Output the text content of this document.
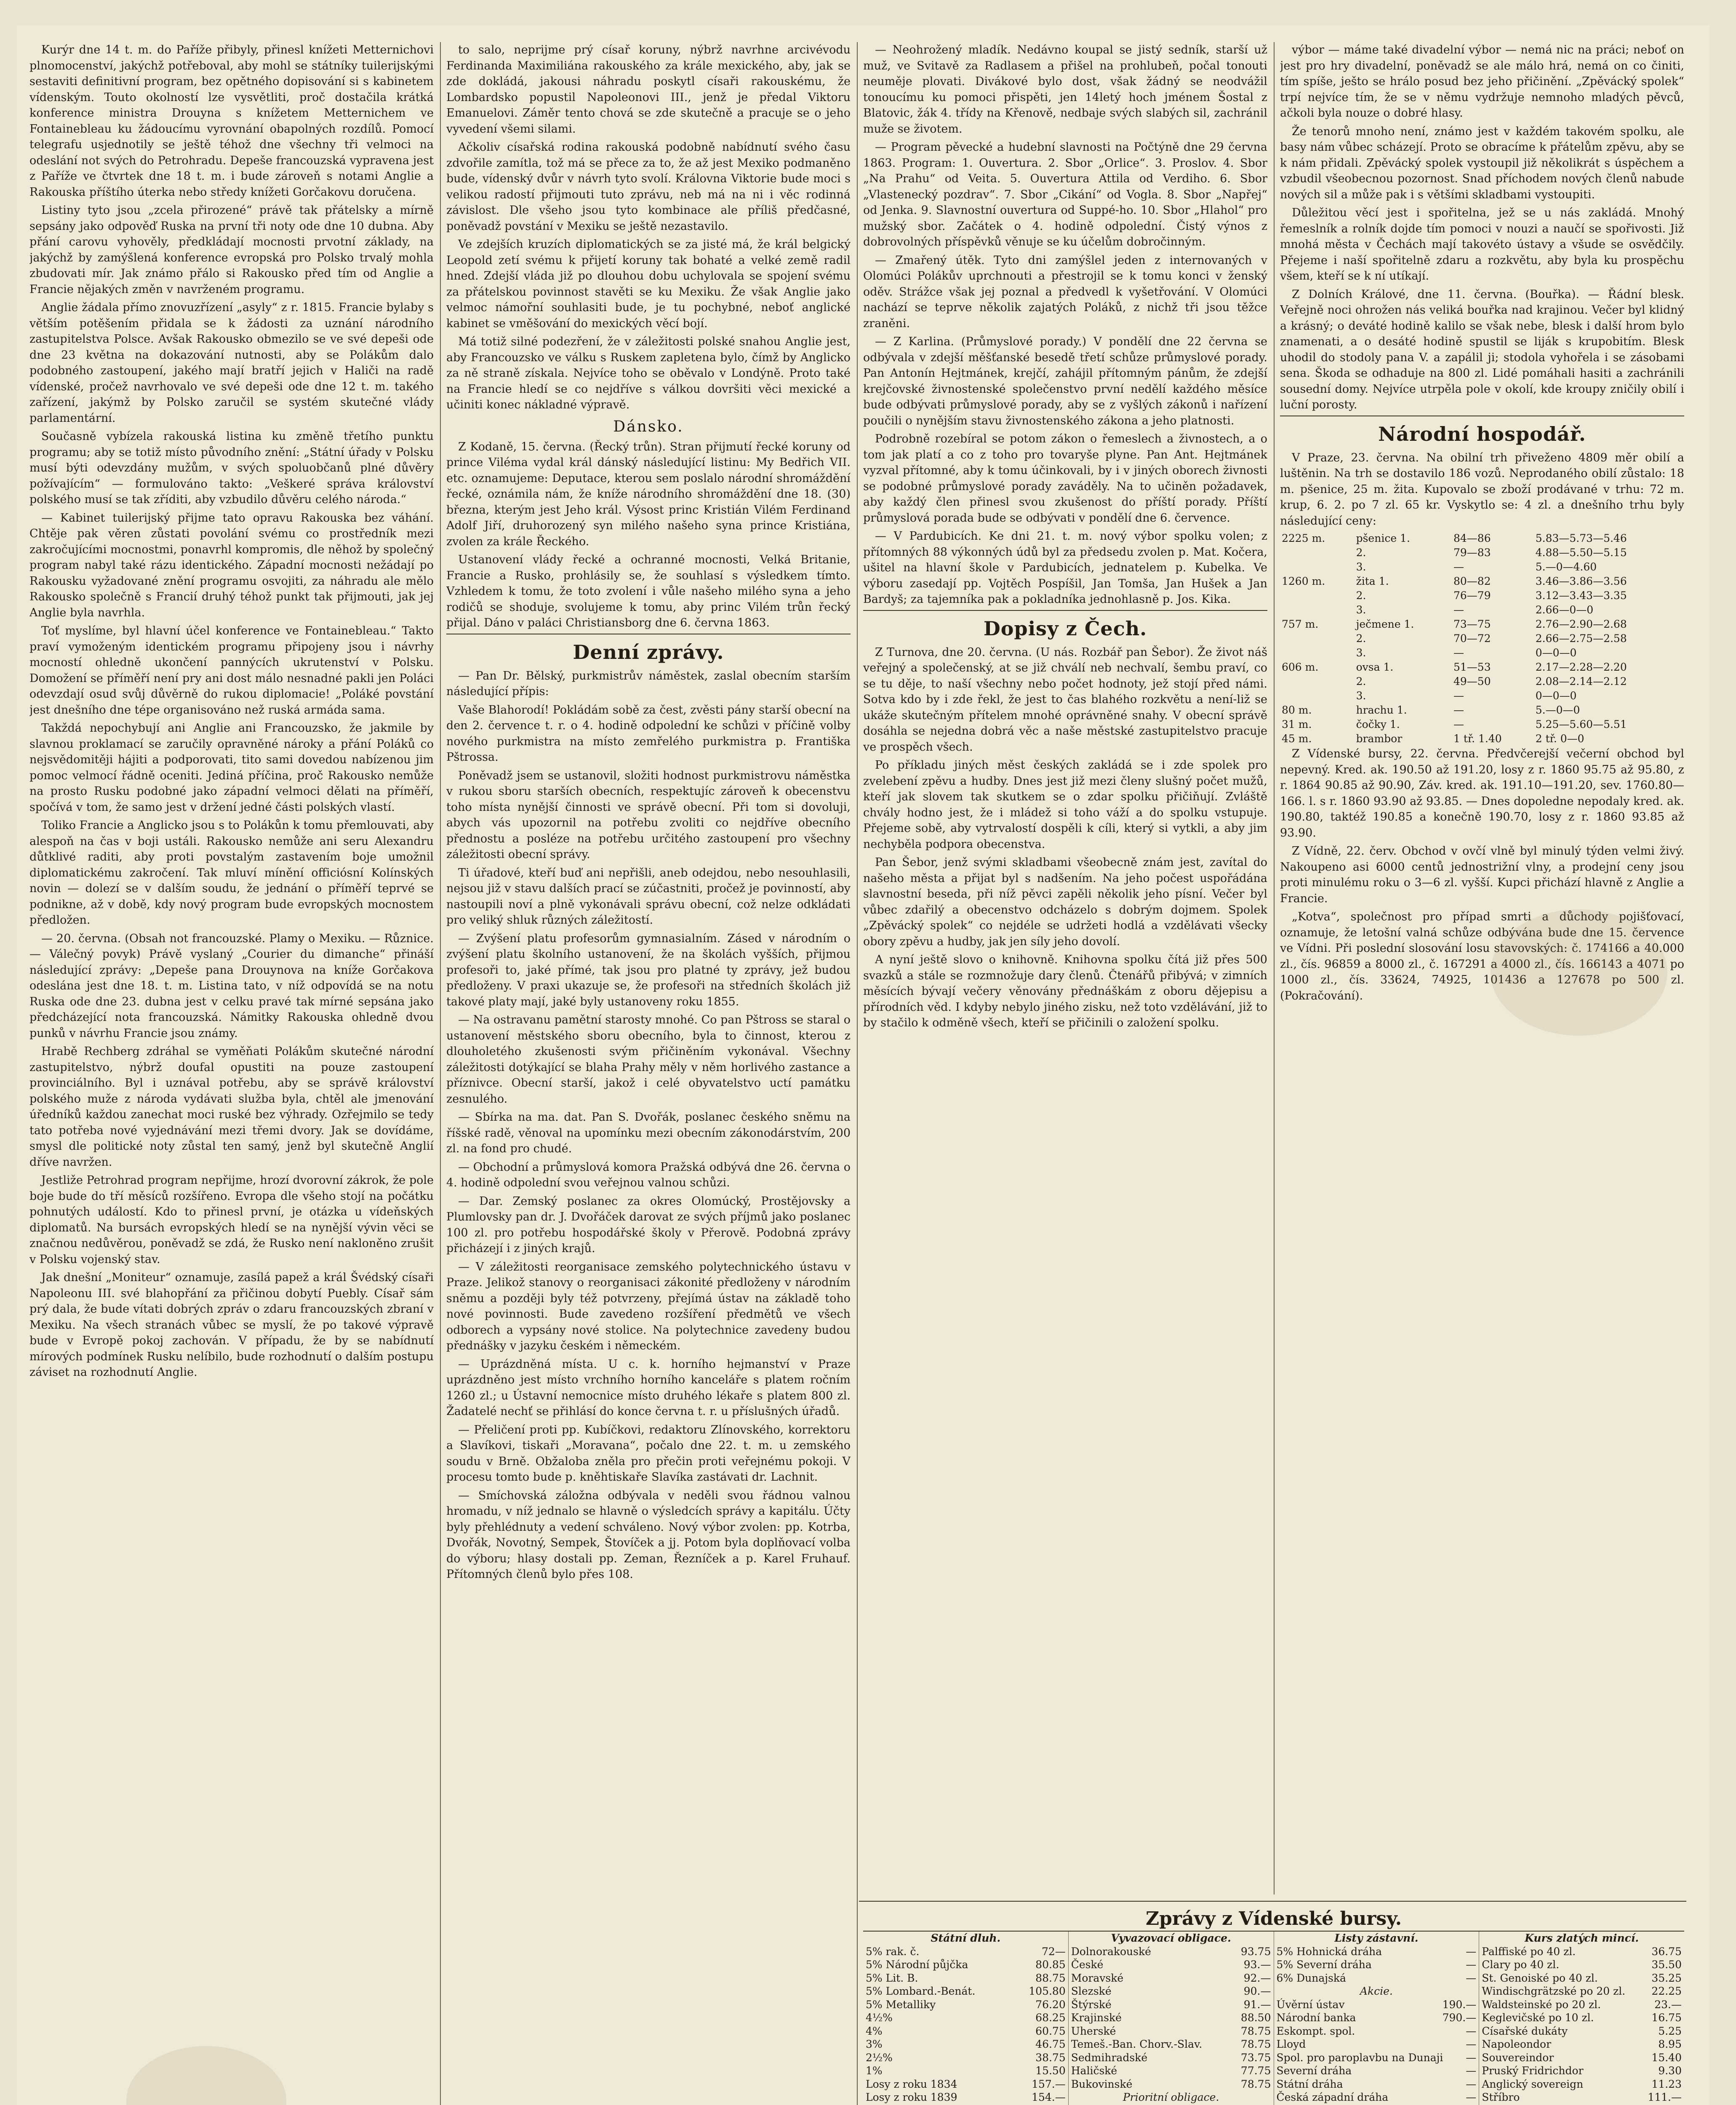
Kurýr dne 14 t. m. do Paříže přibyly, přinesl knížeti Metternichovi plnomocenství, jakýchž potřeboval, aby mohl se státníky tuilerijskými sestaviti definitivní program, bez opětného dopisování si s kabinetem vídenským. Touto okolností lze vysvětliti, proč dostačila krátká konference ministra Drouyna s knížetem Metternichem ve Fontainebleau ku žádoucímu vyrovnání obapolných rozdílů. Pomocí telegrafu usjednotily se ještě téhož dne všechny tři velmoci na odeslání not svých do Petrohradu. Depeše francouzská vypravena jest z Paříže ve čtvrtek dne 18 t. m. i bude zároveň s notami Anglie a Rakouska příštího úterka nebo středy knížeti Gorčakovu doručena.

Listiny tyto jsou „zcela přirozené“ právě tak přátelsky a mírně sepsány jako odpověď Ruska na první tři noty ode dne 10 dubna. Aby přání carovu vyhověly, předkládají mocnosti prvotní základy, na jakýchž by zamýšlená konference evropská pro Polsko trvalý mohla zbudovati mír. Jak známo přálo si Rakousko před tím od Anglie a Francie nějakých změn v navrženém programu.

Anglie žádala přímo znovuzřízení „asyly“ z r. 1815. Francie bylaby s větším potěšením přidala se k žádosti za uznání národního zastupitelstva Polsce. Avšak Rakousko obmezilo se ve své depeši ode dne 23 května na dokazování nutnosti, aby se Polákům dalo podobného zastoupení, jakého mají bratří jejich v Haliči na radě vídenské, pročež navrhovalo ve své depeši ode dne 12 t. m. takého zařízení, jakýmž by Polsko zaručil se systém skutečné vlády parlamentární.

Současně vybízela rakouská listina ku změně třetího punktu programu; aby se totiž místo původního znění: „Státní úřady v Polsku musí býti odevzdány mužům, v svých spoluobčanů plné důvěry požívajícím“ — formulováno takto: „Veškeré správa království polského musí se tak zříditi, aby vzbudilo důvěru celého národa.“

— Kabinet tuilerijský přijme tato opravu Rakouska bez váhání. Chtěje pak věren zůstati povolání svému co prostředník mezi zakročujícími mocnostmi, ponavrhl kompromis, dle něhož by společný program nabyl také rázu identického. Západní mocnosti nežádají po Rakousku vyžadované znění programu osvojiti, za náhradu ale mělo Rakousko společně s Francií druhý téhož punkt tak přijmouti, jak jej Anglie byla navrhla.

Toť myslíme, byl hlavní účel konference ve Fontainebleau.“ Takto praví vymoženým identickém programu připojeny jsou i návrhy mocností ohledně ukončení pannýcích ukrutenství v Polsku. Domožení se příměří není pry ani dost málo nesnadné pakli jen Poláci odevzdají osud svůj důvěrně do rukou diplomacie! „Poláké povstání jest dnešního dne tépe organisováno než ruská armáda sama.

Takždá nepochybují ani Anglie ani Francouzsko, že jakmile by slavnou proklamací se zaručily opravněné nároky a přání Poláků co nejsvědomitěji hájiti a podporovati, tito sami dovedou nabízenou jim pomoc velmocí řádně oceniti. Jediná příčina, proč Rakousko nemůže na prosto Rusku podobné jako západní velmoci dělati na příměří, spočívá v tom, že samo jest v držení jedné části polských vlastí.

Toliko Francie a Anglicko jsou s to Polákůn k tomu přemlouvati, aby alespoň na čas v boji ustáli. Rakousko nemůže ani seru Alexandru důtklivé raditi, aby proti povstalým zastavením boje umožnil diplomatickému zakročení. Tak mluví mínění officiósní Kolínských novin — dolezí se v dalším soudu, že jednání o příměří teprvé se podnikne, až v době, kdy nový program bude evropských mocnostem předložen.

— 20. června. (Obsah not francouzské. Plamy o Mexiku. — Různice. — Válečný povyk) Právě vyslaný „Courier du dimanche“ přináší následující zprávy: „Depeše pana Drouynova na kníže Gorčakova odeslána jest dne 18. t. m. Listina tato, v níž odpovídá se na notu Ruska ode dne 23. dubna jest v celku pravé tak mírné sepsána jako předcházející nota francouzská. Námitky Rakouska ohledně dvou punků v návrhu Francie jsou známy.

Hrabě Rechberg zdráhal se vyměňati Polákům skutečné národní zastupitelstvo, nýbrž doufal opustiti na pouze zastoupení provinciálního. Byl i uznával potřebu, aby se správě království polského muže z národa vydávati služba byla, chtěl ale jmenování úředníků každou zanechat moci ruské bez výhrady. Ozřejmilo se tedy tato potřeba nové vyjednávání mezi třemi dvory. Jak se dovídáme, smysl dle politické noty zůstal ten samý, jenž byl skutečně Anglií dříve navržen.

Jestliže Petrohrad program nepřijme, hrozí dvorovní zákrok, že pole boje bude do tří měsíců rozšířeno. Evropa dle všeho stojí na počátku pohnutých událostí. Kdo to přinesl první, je otázka u vídeňských diplomatů. Na bursách evropských hledí se na nynější vývin věci se značnou nedůvěrou, poněvadž se zdá, že Rusko není nakloněno zrušit v Polsku vojenský stav.

Jak dnešní „Moniteur“ oznamuje, zasílá papež a král Švédský císaři Napoleonu III. své blahopřání za přičinou dobytí Puebly. Císař sám prý dala, že bude vítati dobrých zpráv o zdaru francouzských zbraní v Mexiku. Na všech stranách vůbec se myslí, že po takové výpravě bude v Evropě pokoj zachován. V případu, že by se nabídnutí mírových podmínek Rusku nelíbilo, bude rozhodnutí o dalším postupu záviset na rozhodnutí Anglie.

to salo, neprijme prý císař koruny, nýbrž navrhne arcivévodu Ferdinanda Maximiliána rakouského za krále mexického, aby, jak se zde dokládá, jakousi náhradu poskytl císaři rakouskému, že Lombardsko popustil Napoleonovi III., jenž je předal Viktoru Emanuelovi. Záměr tento chová se zde skutečně a pracuje se o jeho vyvedení všemi silami.

Ačkoliv císařská rodina rakouská podobně nabídnutí svého času zdvořile zamítla, tož má se přece za to, že až jest Mexiko podmaněno bude, vídenský dvůr v návrh tyto svolí. Královna Viktorie bude moci s velikou radostí přijmouti tuto zprávu, neb má na ni i věc rodinná závislost. Dle všeho jsou tyto kombinace ale příliš předčasné, poněvadž povstání v Mexiku se ještě nezastavilo.

Ve zdejších kruzích diplomatických se za jisté má, že král belgický Leopold zetí svému k přijetí koruny tak bohaté a velké země radil hned. Zdejší vláda již po dlouhou dobu uchylovala se spojení svému za přátelskou povinnost stavěti se ku Mexiku. Že však Anglie jako velmoc námořní souhlasiti bude, je tu pochybné, neboť anglické kabinet se vměšování do mexických věcí bojí.

Má totiž silné podezření, že v záležitosti polské snahou Anglie jest, aby Francouzsko ve válku s Ruskem zapletena bylo, čímž by Anglickо za ně straně získala. Nejvíce toho se oběvalo v Londýně. Proto také na Francie hledí se co nejdříve s válkou dovršiti věci mexické a učiniti konec nákladné výpravě.

Dánsko.

Z Kodaně, 15. června. (Řecký trůn). Stran přijmutí řecké koruny od prince Viléma vydal král dánský následující listinu: My Bedřich VII. etc. oznamujeme: Deputace, kterou sem poslalo národní shromáždění řecké, oznámila nám, že kníže národního shromáždění dne 18. (30) března, kterým jest Jeho král. Výsost princ Kristián Vilém Ferdinand Adolf Jiří, druhorozený syn milého našeho syna prince Kristiána, zvolen za krále Řeckého.

Ustanovení vlády řecké a ochranné mocnosti, Velká Britanie, Francie a Rusko, prohlásily se, že souhlasí s výsledkem tímto. Vzhledem k tomu, že toto zvolení i vůle našeho milého syna a jeho rodičů se shoduje, svolujeme k tomu, aby princ Vilém trůn řecký přijal. Dáno v paláci Christiansborg dne 6. června 1863.

Denní zprávy.

— Pan Dr. Bělský, purkmistrův náměstek, zaslal obecním starším následující přípis:

Vaše Blahorodí! Pokládám sobě za čest, zvěsti pány starší obecní na den 2. července t. r. o 4. hodině odpolední ke schůzi v příčině volby nového purkmistra na místo zemřelého purkmistra p. Františka Pštrossa.

Poněvadž jsem se ustanovil, složiti hodnost purkmistrovu náměstka v rukou sboru starších obecních, respektujíc zároveň k obecenstvu toho místa nynější činnosti ve správě obecní. Při tom si dovoluji, abych vás upozornil na potřebu zvoliti co nejdříve obecního přednostu a posléze na potřebu určitého zastoupení pro všechny záležitosti obecní správy.

Ti úřadové, kteří buď ani nepřišli, aneb odejdou, nebo nesouhlasili, nejsou již v stavu dalších prací se zúčastniti, pročež je povinností, aby nastoupili noví a plně vykonávali správu obecní, což nelze odkládati pro veliký shluk různých záležitostí.

— Zvýšení platu profesorům gymnasialním. Zásed v národním o zvýšení platu školního ustanovení, že na školách vyšších, přijmou profesoři to, jaké přímé, tak jsou pro platné ty zprávy, jež budou předloženy. V praxi ukazuje se, že profesoři na středních školách již takové platy mají, jaké byly ustanoveny roku 1855.

— Na ostravanu pamětní starosty mnohé. Co pan Pštross se staral o ustanovení městského sboru obecního, byla to činnost, kterou z dlouholetého zkušenosti svým přičiněním vykonával. Všechny záležitosti dotýkající se blaha Prahy měly v něm horlivého zastance a příznivce. Obecní starší, jakož i celé obyvatelstvo uctí památku zesnulého.

— Sbírka na ma. dat. Pan S. Dvořák, poslanec českého sněmu na říšské radě, věnoval na upomínku mezi obecním zákonodárstvím, 200 zl. na fond pro chudé.

— Obchodní a průmyslová komora Pražská odbývá dne 26. června o 4. hodině odpolední svou veřejnou valnou schůzi.

— Dar. Zemský poslanec za okres Olomúcký, Prostějovsky a Plumlovsky pan dr. J. Dvořáček darovat ze svých příjmů jako poslanec 100 zl. pro potřebu hospodářské školy v Přerově. Podobná zprávy přicházejí i z jiných krajů.

— V záležitosti reorganisace zemského polytechnického ústavu v Praze. Jelikož stanovy o reorganisaci zákonité předloženy v národním sněmu a později byly též potvrzeny, přejímá ústav na základě toho nové povinnosti. Bude zavedeno rozšíření předmětů ve všech odborech a vypsány nové stolice. Na polytechnice zavedeny budou přednášky v jazyku českém i německém.

— Uprázdněná místa. U c. k. horního hejmanství v Praze uprázdněno jest místo vrchního horního kanceláře s platem ročním 1260 zl.; u Ústavní nemocnice místo druhého lékaře s platem 800 zl. Žadatelé nechť se přihlásí do konce června t. r. u příslušných úřadů.

— Přeličení proti pp. Kubíčkovi, redaktoru Zlínovského, korrektoru a Slavíkovi, tiskaři „Moravana“, počalo dne 22. t. m. u zemského soudu v Brně. Obžaloba zněla pro přečin proti veřejnému pokoji. V procesu tomto bude p. kněhtiskaře Slavíka zastávati dr. Lachnit.

— Smíchovská záložna odbývala v neděli svou řádnou valnou hromadu, v níž jednalo se hlavně o výsledcích správy a kapitálu. Účty byly přehlédnuty a vedení schváleno. Nový výbor zvolen: pp. Kotrba, Dvořák, Novotný, Sempek, Štovíček a jj. Potom byla doplňovací volba do výboru; hlasy dostali pp. Zeman, Řezníček a p. Karel Fruhauf. Přítomných členů bylo přes 108.

— Neohrožený mladík. Nedávno koupal se jistý sedník, starší už muž, ve Svitavě za Radlasem a přišel na prohlubeň, počal tonouti neuměje plovati. Divákové bylo dost, však žádný se neodvážil tonoucímu ku pomoci přispěti, jen 14letý hoch jménem Šostal z Blatovic, žák 4. třídy na Křenově, nedbaje svých slabých sil, zachránil muže se životem.

— Program pěvecké a hudební slavnosti na Počtýně dne 29 června 1863. Program: 1. Ouvertura. 2. Sbor „Orlice“. 3. Proslov. 4. Sbor „Na Prahu“ od Veita. 5. Ouvertura Attila od Verdiho. 6. Sbor „Vlastenecký pozdrav“. 7. Sbor „Cikání“ od Vogla. 8. Sbor „Napřej“ od Jenka. 9. Slavnostní ouvertura od Suppé-ho. 10. Sbor „Hlahol“ pro mužský sbor. Začátek o 4. hodině odpolední. Čistý výnos z dobrovolných příspěvků věnuje se ku účelům dobročinným.

— Zmařený útěk. Tyto dni zamýšlel jeden z internovaných v Olomúci Polákův uprchnouti a přestrojil se k tomu konci v ženský oděv. Strážce však jej poznal a předvedl k vyšetřování. V Olomúci nachází se teprve několik zajatých Poláků, z nichž tři jsou těžce zraněni.

— Z Karlina. (Průmyslové porady.) V pondělí dne 22 června se odbývala v zdejší měšťanské besedě třetí schůze průmyslové porady. Pan Antonín Hejtmánek, krejčí, zahájil přítomným pánům, že zdejší krejčovské živnostenské společenstvo první nedělí každého měsíce bude odbývati průmyslové porady, aby se z vyšlých zákonů i nařízení poučili o nynějším stavu živnostenského zákona a jeho platnosti.

Podrobně rozebíral se potom zákon o řemeslech a živnostech, a o tom jak platí a co z toho pro tovaryše plyne. Pan Ant. Hejtmánek vyzval přítomné, aby k tomu účinkovali, by i v jiných oborech živnosti se podobné průmyslové porady zaváděly. Na to učiněn požadavek, aby každý člen přinesl svou zkušenost do příští porady. Příští průmyslová porada bude se odbývati v pondělí dne 6. července.

— V Pardubicích. Ke dni 21. t. m. nový výbor spolku volen; z přítomných 88 výkonných údů byl za předsedu zvolen p. Mat. Kočera, ušitel na hlavní škole v Pardubicích, jednatelem p. Kubelka. Ve výboru zasedají pp. Vojtěch Pospíšil, Jan Tomša, Jan Hušek a Jan Bardyš; za tajemníka pak a pokladníka jednohlasně p. Jos. Kika.

Dopisy z Čech.

Z Turnova, dne 20. června. (U nás. Rozbář pan Šebor). Že život náš veřejný a společenský, at se již chválí neb nechvalí, šembu praví, co se tu děje, to naší všechny nebo počet hodnoty, jež stojí před námi. Sotva kdo by i zde řekl, že jest to čas blahého rozkvětu a není-liž se ukáže skutečným přítelem mnohé oprávněné snahy. V obecní správě dosáhla se nejedna dobrá věc a naše městské zastupitelstvo pracuje ve prospěch všech.

Po příkladu jiných měst českých zakládá se i zde spolek pro zvelebení zpěvu a hudby. Dnes jest již mezi členy slušný počet mužů, kteří jak slovem tak skutkem se o zdar spolku přičiňují. Zvláště chvály hodno jest, že i mládež si toho váží a do spolku vstupuje. Přejeme sobě, aby vytrvalostí dospěli k cíli, který si vytkli, a aby jim nechyběla podpora obecenstva.

Pan Šebor, jenž svými skladbami všeobecně znám jest, zavítal do našeho města a přijat byl s nadšením. Na jeho počest uspořádána slavnostní beseda, při níž pěvci zapěli několik jeho písní. Večer byl vůbec zdařilý a obecenstvo odcházelo s dobrým dojmem. Spolek „Zpěvácký spolek“ co nejdéle se udržeti hodlá a vzdělávati všecky obory zpěvu a hudby, jak jen síly jeho dovolí.

A nyní ještě slovo o knihovně. Knihovna spolku čítá již přes 500 svazků a stále se rozmnožuje dary členů. Čtenářů přibývá; v zimních měsících bývají večery věnovány přednáškám z oboru dějepisu a přírodních věd. I kdyby nebylo jiného zisku, než toto vzdělávání, již to by stačilo k odměně všech, kteří se přičinili o založení spolku.

výbor — máme také divadelní výbor — nemá nic na práci; neboť on jest pro hry divadelní, poněvadž se ale málo hrá, nemá on co činiti, tím spíše, ješto se hrálo posud bez jeho přičinění. „Zpěvácký spolek“ trpí nejvíce tím, že se v němu vydržuje nemnoho mladých pěvců, ačkoli byla nouze o dobré hlasy.

Že tenorů mnoho není, známo jest v každém takovém spolku, ale basy nám vůbec scházejí. Proto se obracíme k přátelům zpěvu, aby se k nám přidali. Zpěvácký spolek vystoupil již několikrát s úspěchem a vzbudil všeobecnou pozornost. Snad příchodem nových členů nabude nových sil a může pak i s většími skladbami vystoupiti.

Důležitou věcí jest i spořitelna, jež se u nás zakládá. Mnohý řemeslník a rolník dojde tím pomoci v nouzi a naučí se spořivosti. Již mnohá města v Čechách mají takovéto ústavy a všude se osvědčily. Přejeme i naší spořitelně zdaru a rozkvětu, aby byla ku prospěchu všem, kteří se k ní utíkají.

Z Dolních Králové, dne 11. června. (Bouřka). — Řádní blesk. Veřejně noci ohrožen nás veliká bouřka nad krajinou. Večer byl klidný a krásný; o deváté hodině kalilo se však nebe, blesk i další hrom bylo znamenati, a o desáté hodině spustil se liják s krupobitím. Blesk uhodil do stodoly pana V. a zapálil ji; stodola vyhořela i se zásobami sena. Škoda se odhaduje na 800 zl. Lidé pomáhali hasiti a zachránili sousední domy. Nejvíce utrpěla pole v okolí, kde kroupy zničily obilí i luční porosty.

Národní hospodář.

V Praze, 23. června. Na obilní trh přiveženo 4809 měr obilí a luštěnin. Na trh se dostavilo 186 vozů. Neprodaného obilí zůstalo: 18 m. pšenice, 25 m. žita. Kupovalo se zboží prodávané v trhu: 72 m. krup, 6. 2. po 7 zl. 65 kr. Vyskytlo se: 4 zl. a dnešního trhu byly následující ceny:

2225 m.	pšenice 1.	84—86	5.83—5.73—5.46
	2.	79—83	4.88—5.50—5.15
	3.	—	5.—0—4.60
1260 m.	žita 1.	80—82	3.46—3.86—3.56
	2.	76—79	3.12—3.43—3.35
	3.	—	2.66—0—0
757 m.	ječmene 1.	73—75	2.76—2.90—2.68
	2.	70—72	2.66—2.75—2.58
	3.	—	0—0—0
606 m.	ovsa 1.	51—53	2.17—2.28—2.20
	2.	49—50	2.08—2.14—2.12
	3.	—	0—0—0
80 m.	hrachu 1.	—	5.—0—0
31 m.	čočky 1.	—	5.25—5.60—5.51
45 m.	brambor	1 tř. 1.40	2 tř. 0—0

Z Vídenské bursy, 22. června. Předvčerejší večerní obchod byl nepevný. Kred. ak. 190.50 až 191.20, losy z r. 1860 95.75 až 95.80, z r. 1864 90.85 až 90.90, Záv. kred. ak. 191.10—191.20, sev. 1760.80—166. l. s r. 1860 93.90 až 93.85. — Dnes dopoledne nepodaly kred. ak. 190.80, taktéž 190.85 a konečně 190.70, losy z r. 1860 93.85 až 93.90.

Z Vídně, 22. červ. Obchod v ovčí vlně byl minulý týden velmi živý. Nakoupeno asi 6000 centů jednostrižní vlny, a prodejní ceny jsou proti minulému roku o 3—6 zl. vyšší. Kupci přichází hlavně z Anglie a Francie.

„Kotva“, společnost pro případ smrti a důchody pojišťovací, oznamuje, že letošní valná schůze odbývána bude dne 15. července ve Vídni. Při poslední slosování losu stavovských: č. 174166 a 40.000 zl., čís. 96859 a 8000 zl., č. 167291 a 4000 zl., čís. 166143 a 4071 po 1000 zl., čís. 33624, 74925, 101436 a 127678 po 500 zl. (Pokračování).

Zprávy z Vídenské bursy.
Státní dluh.
5% rak. č.	72—
5% Národní půjčka	80.85
5% Lit. B.	88.75
5% Lombard.-Benát.	105.80
5% Metalliky	76.20
4½%	68.25
4%	60.75
3%	46.75
2½%	38.75
1%	15.50
Losy z roku 1834	157.—
Losy z roku 1839	154.—
Vyvazovací obligace.
Dolnorakouské	93.75
České	93.—
Moravské	92.—
Slezské	90.—
Štýrské	91.—
Krajinské	88.50
Uherské	78.75
Temeš.-Ban. Chorv.-Slav.	78.75
Sedmihradské	73.75
Haličské	77.75
Bukovinské	78.75
Prioritní obligace.
Listy zástavní.
5% Hohnická dráha	—
5% Severní dráha	—
6% Dunajská	—
Akcie.
Úvěrní ústav	190.—
Národní banka	790.—
Eskompt. spol.	—
Lloyd	—
Spol. pro paroplavbu na Dunaji —
Severní dráha	—
Státní dráha	—
Česká západní dráha	—
Kurs zlatých mincí.
Palffiské po 40 zl.	36.75
Clary po 40 zl.	35.50
St. Genoiské po 40 zl.	35.25
Windischgrätzské po 20 zl. 22.25
Waldsteinské po 20 zl.	23.—
Keglevičské po 10 zl.	16.75
Císařské dukáty	5.25
Napoleondor	8.95
Souvereindor	15.40
Pruský Fridrichdor	9.30
Anglický sovereign	11.23
Stříbro	111.—
